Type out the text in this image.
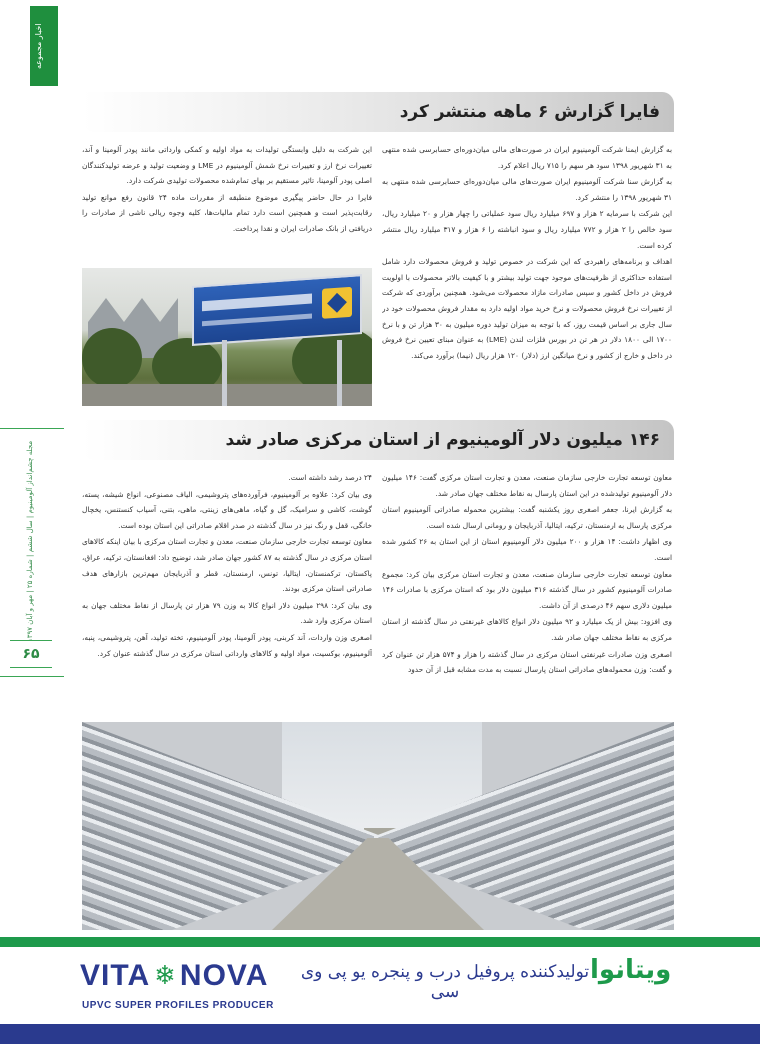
اخبار مجموعه
مجله چشم‌انداز آلومینیوم | سال ششم | شماره ۲۵ | مهر و آبان ۱۳۹۷
۶۵
فایرا گزارش ۶ ماهه منتشر کرد

به گزارش ایمنا شرکت آلومینیوم ایران در صورت‌های مالی میان‌دوره‌ای حسابرسی شده منتهی به ۳۱ شهریور ۱۳۹۸ سود هر سهم را ۷۱۵ ریال اعلام کرد.

به گزارش سنا شرکت آلومینیوم ایران صورت‌های مالی میان‌دوره‌ای حسابرسی شده منتهی به ۳۱ شهریور ۱۳۹۸ را منتشر کرد.

این شرکت با سرمایه ۲ هزار و ۶۹۷ میلیارد ریال سود عملیاتی را چهار هزار و ۲۰ میلیارد ریال، سود خالص را ۲ هزار و ۷۷۲ میلیارد ریال و سود انباشته را ۶ هزار و ۳۱۷ میلیارد ریال منتشر کرده است.

اهداف و برنامه‌های راهبردی که این شرکت در خصوص تولید و فروش محصولات دارد شامل استفاده حداکثری از ظرفیت‌های موجود جهت تولید بیشتر و با کیفیت بالاتر محصولات با اولویت فروش در داخل کشور و سپس صادرات مازاد محصولات می‌شود. همچنین برآوردی که شرکت از تغییرات نرخ فروش محصولات و نرخ خرید مواد اولیه دارد به مقدار فروش محصولات خود در سال جاری بر اساس قیمت روز، که با توجه به میزان تولید دوره میلیون به ۳۰ هزار تن و با نرخ ۱۷۰۰ الی ۱۸۰۰ دلار در هر تن در بورس فلزات لندن (LME) به عنوان مبنای تعیین نرخ فروش در داخل و خارج از کشور و نرخ میانگین ارز (دلار) ۱۲۰ هزار ریال (نیما) برآورد می‌کند.

این شرکت به دلیل وابستگی تولیدات به مواد اولیه و کمکی وارداتی مانند پودر آلومینا و آند، تغییرات نرخ ارز و تغییرات نرخ شمش آلومینیوم در LME و وضعیت تولید و عرضه تولیدکنندگان اصلی پودر آلومینا، تاثیر مستقیم بر بهای تمام‌شده محصولات تولیدی شرکت دارد.

فایرا در حال حاضر پیگیری موضوع منطبقه از مقررات ماده ۲۴ قانون رفع موانع تولید رقابت‌پذیر است و همچنین است دارد تمام مالیات‌ها، کلیه وجوه ریالی ناشی از صادرات را دریافتی از بانک صادرات ایران و نقدا پرداخت.

۱۴۶ میلیون دلار آلومینیوم از استان مرکزی صادر شد

معاون توسعه تجارت خارجی سازمان صنعت، معدن و تجارت استان مرکزی گفت: ۱۴۶ میلیون دلار آلومینیوم تولیدشده در این استان پارسال به نقاط مختلف جهان صادر شد.

به گزارش ایرنا، جعفر اصغری روز یکشنبه گفت: بیشترین محموله صادراتی آلومینیوم استان مرکزی پارسال به ارمنستان، ترکیه، ایتالیا، آذربایجان و رومانی ارسال شده است.

وی اظهار داشت: ۱۴ هزار و ۲۰۰ میلیون دلار آلومینیوم استان از این استان به ۲۶ کشور شده است.

معاون توسعه تجارت خارجی سازمان صنعت، معدن و تجارت استان مرکزی بیان کرد: مجموع صادرات آلومینیوم کشور در سال گذشته ۳۱۶ میلیون دلار بود که استان مرکزی با صادرات ۱۴۶ میلیون دلاری سهم ۴۶ درصدی از آن داشت.

وی افزود: بیش از یک میلیارد و ۹۲ میلیون دلار انواع کالاهای غیرنفتی در سال گذشته از استان مرکزی به نقاط مختلف جهان صادر شد.

اصغری وزن صادرات غیرنفتی استان مرکزی در سال گذشته را هزار و ۵۷۴ هزار تن عنوان کرد و گفت: وزن محموله‌های صادراتی استان پارسال نسبت به مدت مشابه قبل از آن حدود

۲۴ درصد رشد داشته است.

وی بیان کرد: علاوه بر آلومینیوم، فرآورده‌های پتروشیمی، الیاف مصنوعی، انواع شیشه، پسته، گوشت، کاشی و سرامیک، گل و گیاه، ماهی‌های زینتی، ماهی، بتنی، آسیاب کنستنس، یخچال خانگی، قفل و رنگ نیز در سال گذشته در صدر اقلام صادراتی این استان بوده است.

معاون توسعه تجارت خارجی سازمان صنعت، معدن و تجارت استان مرکزی با بیان اینکه کالاهای استان مرکزی در سال گذشته به ۸۷ کشور جهان صادر شد، توضیح داد: افغانستان، ترکیه، عراق، پاکستان، ترکمنستان، ایتالیا، تونس، ارمنستان، قطر و آذربایجان مهم‌ترین بازارهای هدف صادراتی استان مرکزی بودند.

وی بیان کرد: ۲۹۸ میلیون دلار انواع کالا به وزن ۷۹ هزار تن پارسال از نقاط مختلف جهان به استان مرکزی وارد شد.

اصغری وزن واردات، آند کربنی، پودر آلومینا، پودر آلومینیوم، تخته تولید، آهن، پتروشیمی، پنبه، آلومینیوم، بوکسیت، مواد اولیه و کالاهای وارداتی استان مرکزی در سال گذشته عنوان کرد.

VITA ❄ NOVA
UPVC SUPER PROFILES PRODUCER
تولیدکننده پروفیل درب و پنجره یو پی وی سی
ویتانوا
